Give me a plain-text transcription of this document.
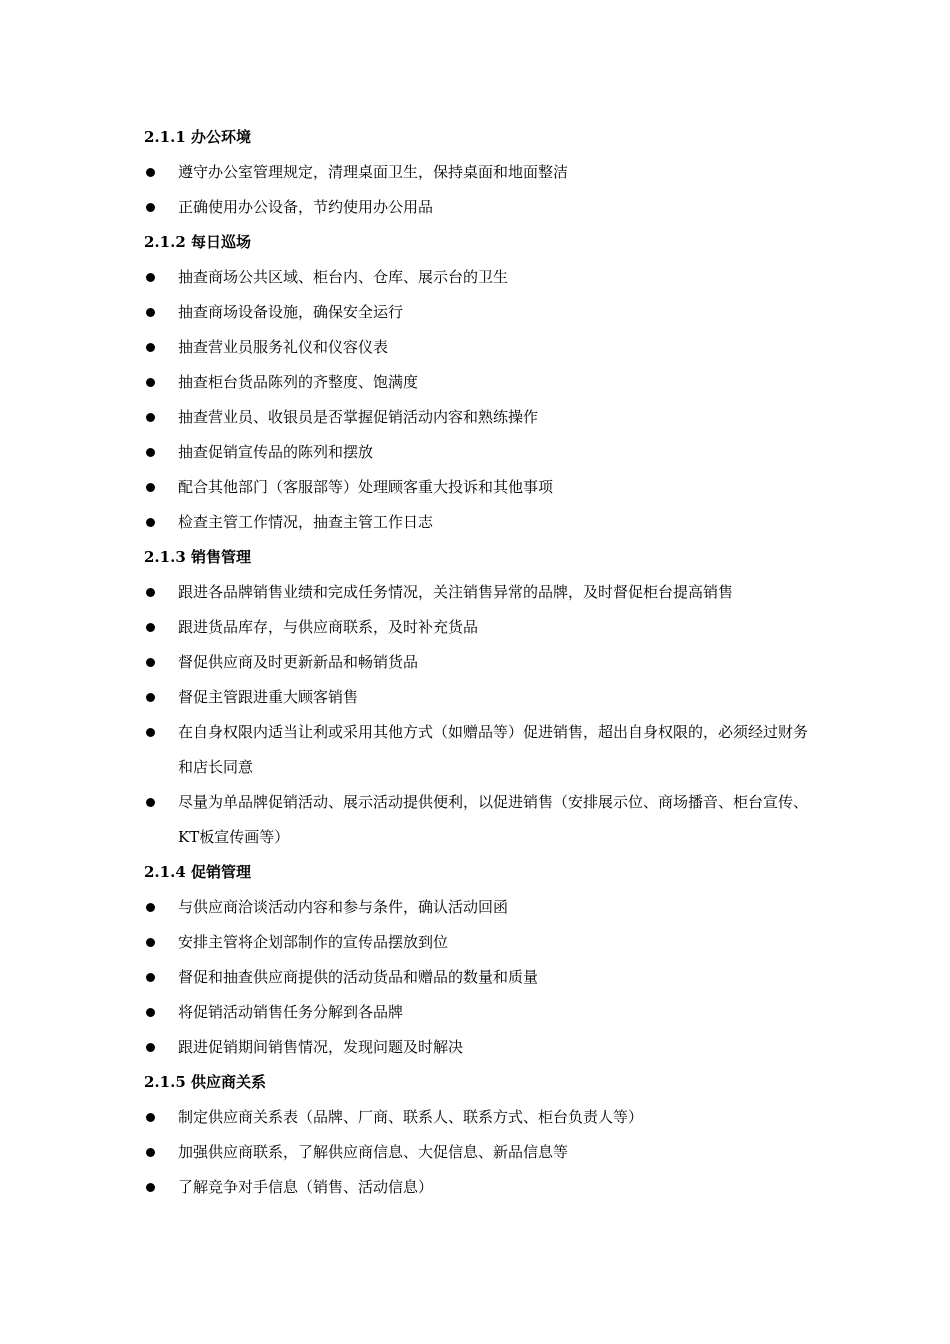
2.1.1 办公环境
遵守办公室管理规定，清理桌面卫生，保持桌面和地面整洁
正确使用办公设备，节约使用办公用品
2.1.2 每日巡场
抽查商场公共区域、柜台内、仓库、展示台的卫生
抽查商场设备设施，确保安全运行
抽查营业员服务礼仪和仪容仪表
抽查柜台货品陈列的齐整度、饱满度
抽查营业员、收银员是否掌握促销活动内容和熟练操作
抽查促销宣传品的陈列和摆放
配合其他部门（客服部等）处理顾客重大投诉和其他事项
检查主管工作情况，抽查主管工作日志
2.1.3 销售管理
跟进各品牌销售业绩和完成任务情况，关注销售异常的品牌，及时督促柜台提高销售
跟进货品库存，与供应商联系，及时补充货品
督促供应商及时更新新品和畅销货品
督促主管跟进重大顾客销售
在自身权限内适当让利或采用其他方式（如赠品等）促进销售，超出自身权限的，必须经过财务和店长同意
尽量为单品牌促销活动、展示活动提供便利，以促进销售（安排展示位、商场播音、柜台宣传、KT板宣传画等）
2.1.4 促销管理
与供应商洽谈活动内容和参与条件，确认活动回函
安排主管将企划部制作的宣传品摆放到位
督促和抽查供应商提供的活动货品和赠品的数量和质量
将促销活动销售任务分解到各品牌
跟进促销期间销售情况，发现问题及时解决
2.1.5 供应商关系
制定供应商关系表（品牌、厂商、联系人、联系方式、柜台负责人等）
加强供应商联系，了解供应商信息、大促信息、新品信息等
了解竞争对手信息（销售、活动信息）
